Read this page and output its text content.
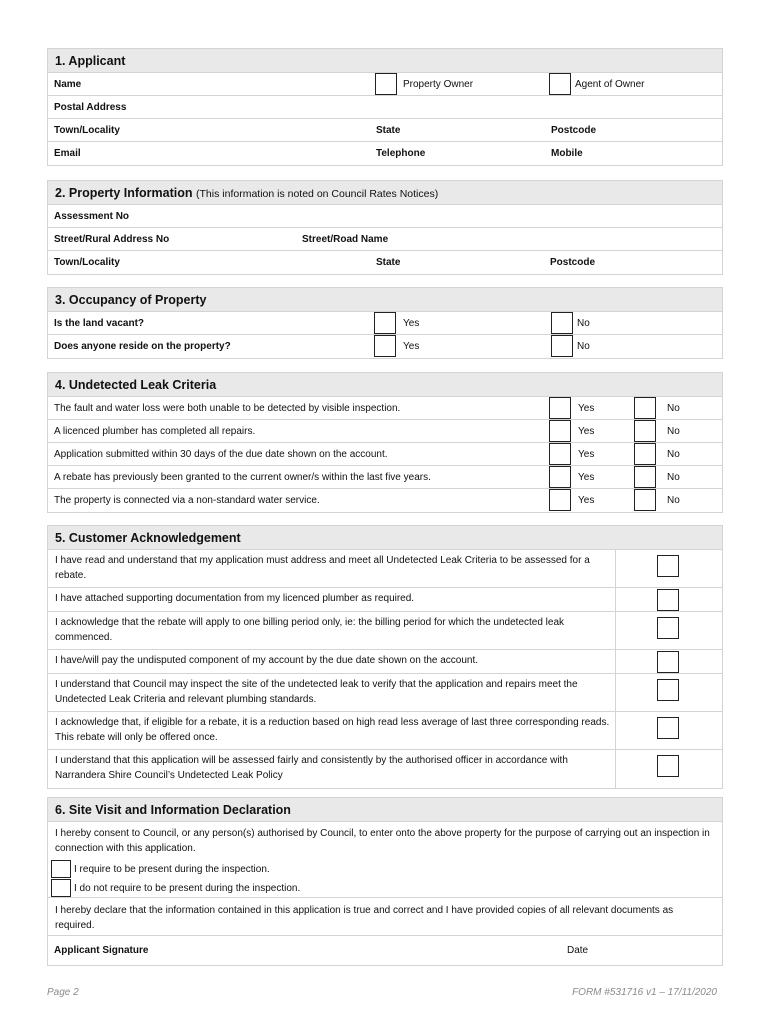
1. Applicant
Name	Property Owner	Agent of Owner
Postal Address
Town/Locality	State	Postcode
Email	Telephone	Mobile
2. Property Information (This information is noted on Council Rates Notices)
Assessment No
Street/Rural Address No	Street/Road Name
Town/Locality	State	Postcode
3. Occupancy of Property
Is the land vacant?	Yes	No
Does anyone reside on the property?	Yes	No
4. Undetected Leak Criteria
The fault and water loss were both unable to be detected by visible inspection.	Yes	No
A licenced plumber has completed all repairs.	Yes	No
Application submitted within 30 days of the due date shown on the account.	Yes	No
A rebate has previously been granted to the current owner/s within the last five years.	Yes	No
The property is connected via a non-standard water service.	Yes	No
5. Customer Acknowledgement
I have read and understand that my application must address and meet all Undetected Leak Criteria to be assessed for a rebate.
I have attached supporting documentation from my licenced plumber as required.
I acknowledge that the rebate will apply to one billing period only, ie: the billing period for which the undetected leak commenced.
I have/will pay the undisputed component of my account by the due date shown on the account.
I understand that Council may inspect the site of the undetected leak to verify that the application and repairs meet the Undetected Leak Criteria and relevant plumbing standards.
I acknowledge that, if eligible for a rebate, it is a reduction based on high read less average of last three corresponding reads. This rebate will only be offered once.
I understand that this application will be assessed fairly and consistently by the authorised officer in accordance with Narrandera Shire Council’s Undetected Leak Policy
6. Site Visit and Information Declaration
I hereby consent to Council, or any person(s) authorised by Council, to enter onto the above property for the purpose of carrying out an inspection in connection with this application.
I require to be present during the inspection.
I do not require to be present during the inspection.
I hereby declare that the information contained in this application is true and correct and I have provided copies of all relevant documents as required.
Applicant Signature	Date
Page 2	FORM #531716 v1 – 17/11/2020
